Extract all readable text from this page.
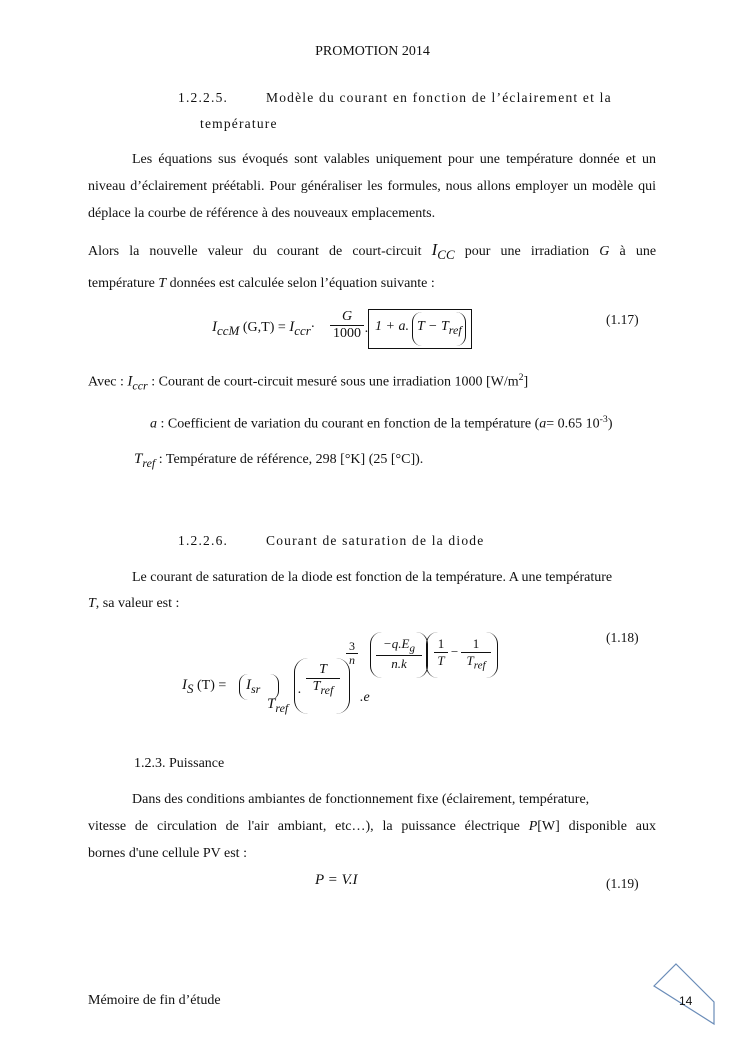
PROMOTION 2014
1.2.2.5.	Modèle du courant en fonction de l’éclairement et la
température
Les équations sus évoqués sont valables uniquement pour une température donnée et un niveau d’éclairement préétabli. Pour généraliser les formules, nous allons employer un modèle qui déplace la courbe de référence à des nouveaux emplacements.
Alors la nouvelle valeur du courant de court-circuit $I_{CC}$ pour une irradiation G à une
température T données est calculée selon l’équation suivante :
$I_{ccM}$ $(G,T) = I_{ccr}\cdot \frac{G}{1000}$ . 1 + a. $T - T_{ref}$
(1.17)
Avec : $I_{ccr}$ : Courant de court-circuit mesuré sous une irradiation 1000 $[W/m^2]$
a : Coefficient de variation du courant en fonction de la température (a= 0.65 $10^{-3}$)
$T_{ref}$ : Température de référence, 298 [°K] (25 [°C]).
1.2.2.6.	Courant de saturation de la diode
Le courant de saturation de la diode est fonction de la température. A une température
T, sa valeur est :
$I_S$ $(T) = I_{sr}$
$T_{ref}$
.
T
$T_{ref}$
3
n
.e
$-q.E_g$
n.k
1
T
−
1
$T_{ref}$
(1.18)
1.2.3. Puissance
Dans des conditions ambiantes de fonctionnement fixe (éclairement, température,
vitesse de circulation de l'air ambiant, etc…), la puissance électrique P[W] disponible aux
bornes d'une cellule PV est :
P = V.I	(1.19)
Mémoire de fin d’étude	14
